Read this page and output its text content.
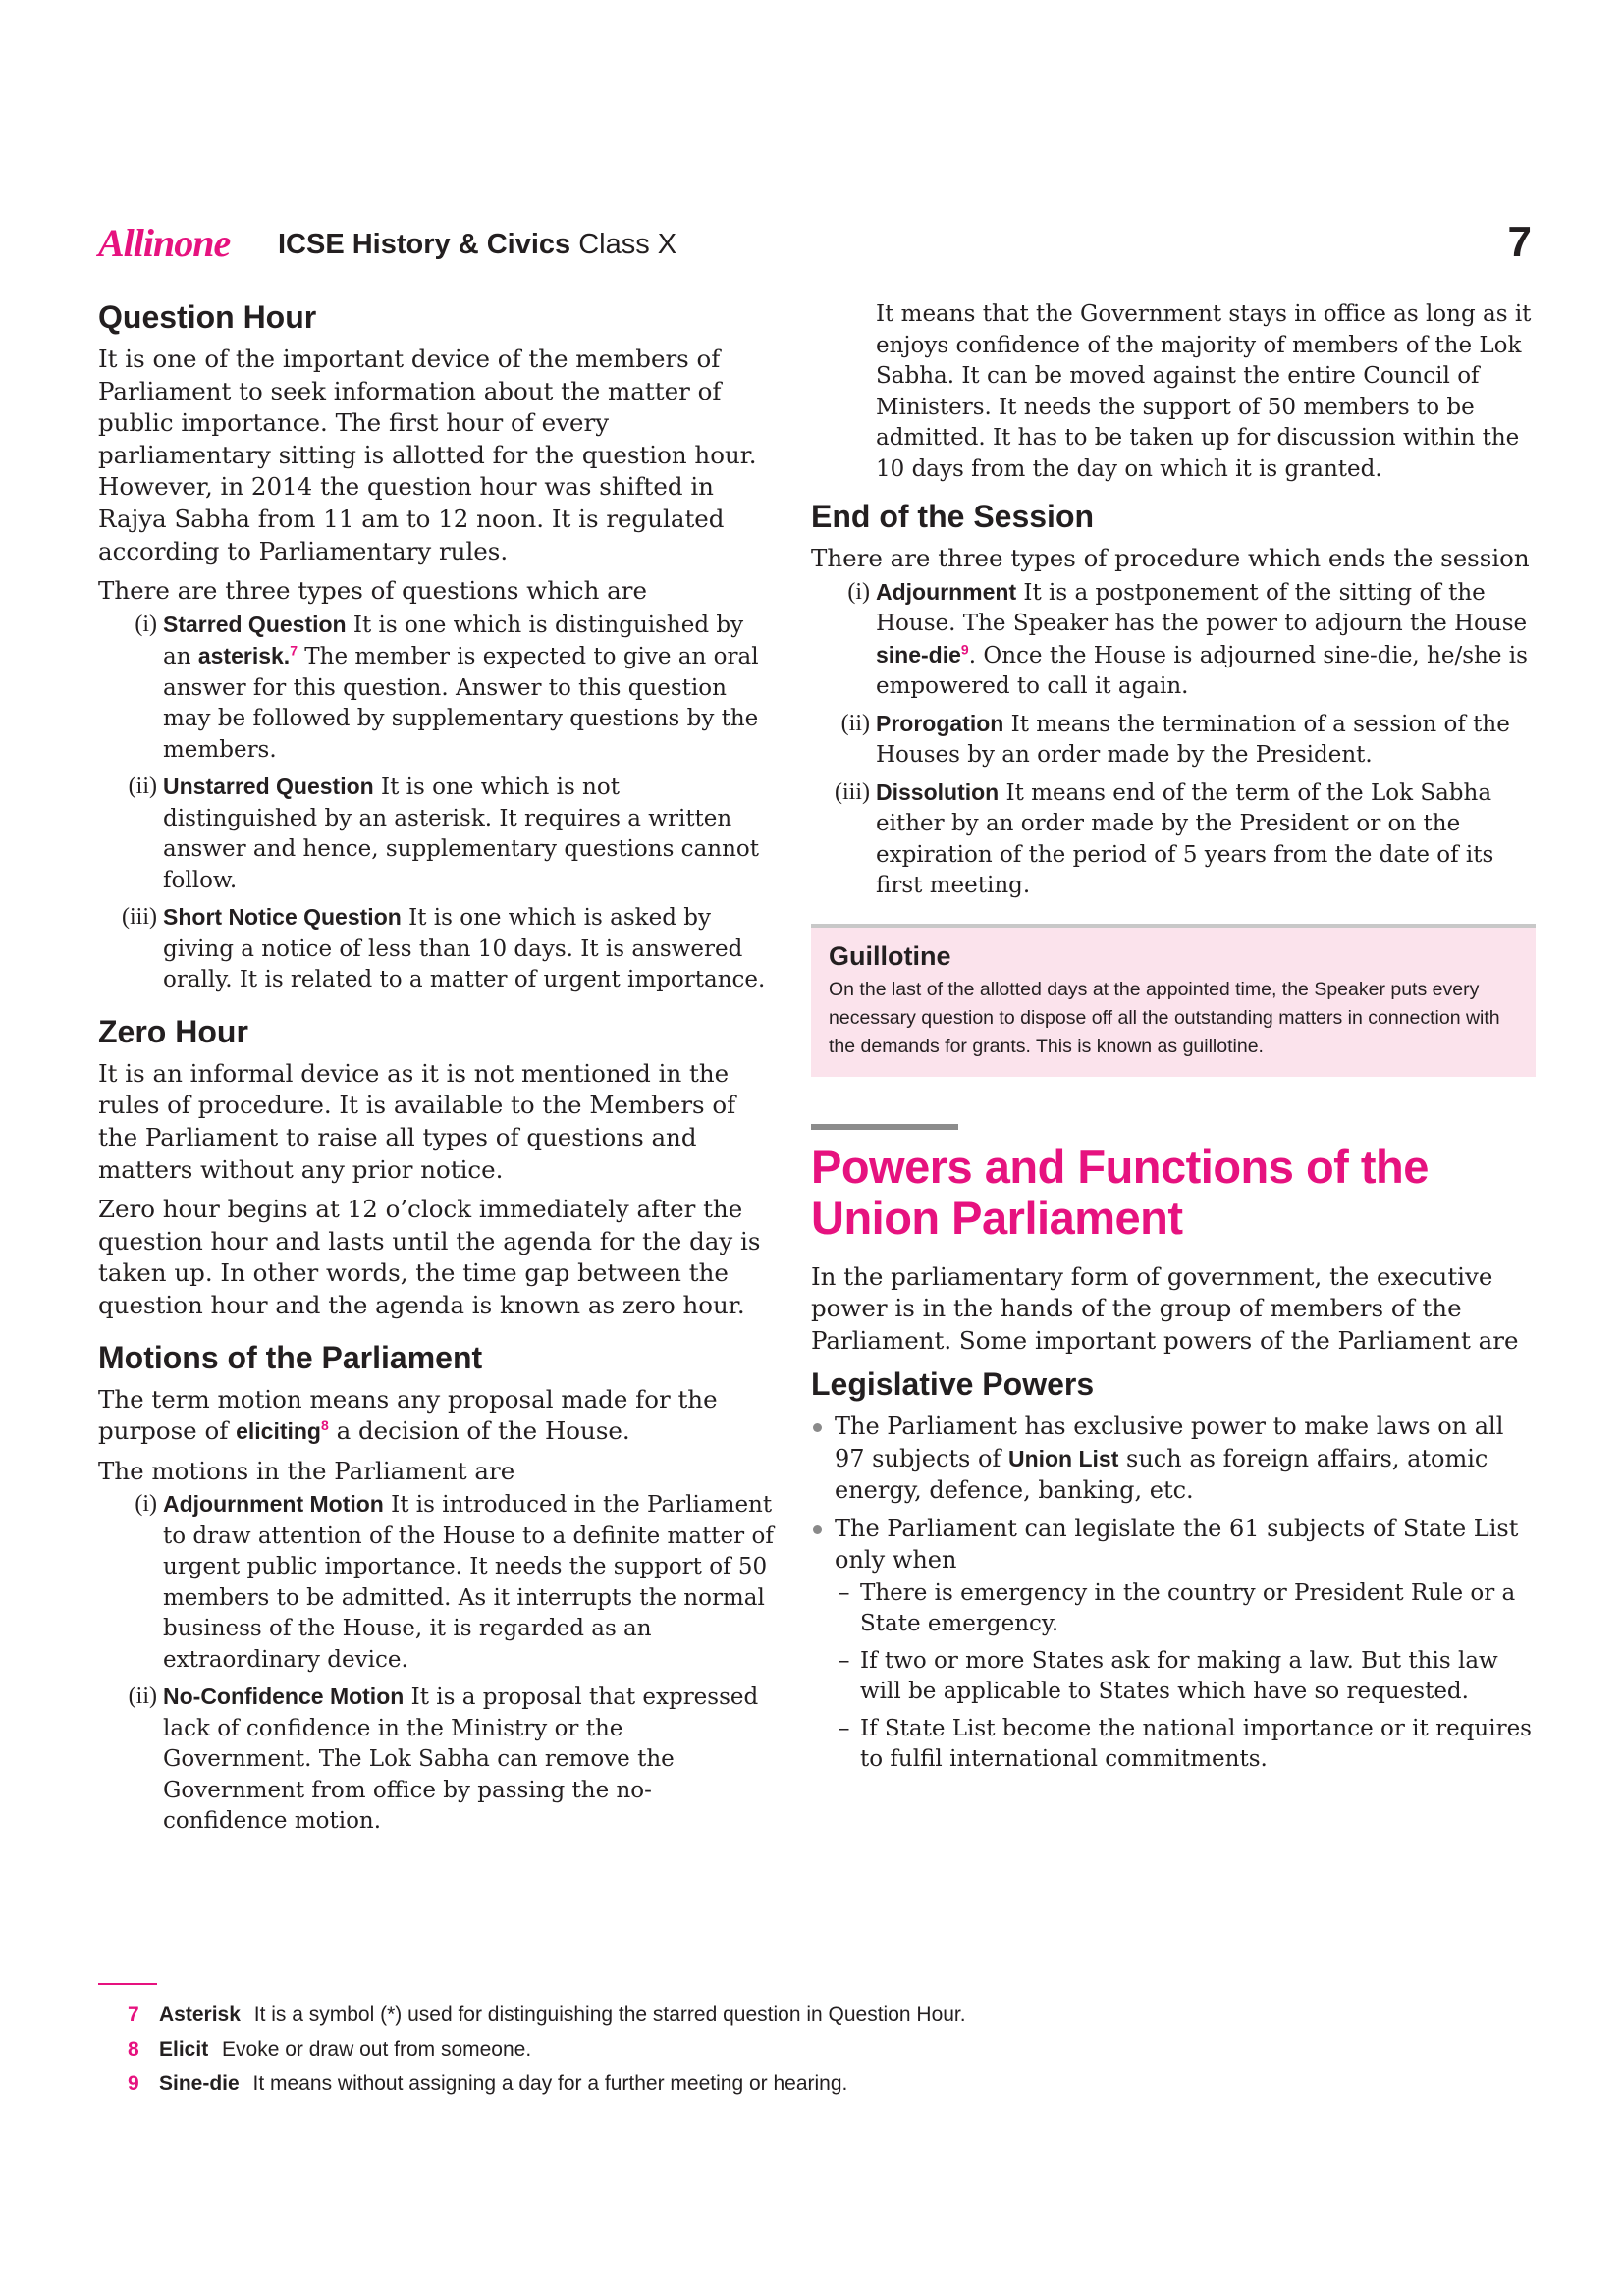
Allinone ICSE History & Civics Class X	7
Question Hour

It is one of the important device of the members of Parliament to seek information about the matter of public importance. The first hour of every parliamentary sitting is allotted for the question hour. However, in 2014 the question hour was shifted in Rajya Sabha from 11 am to 12 noon. It is regulated according to Parliamentary rules.

There are three types of questions which are

(i) Starred Question It is one which is distinguished by an asterisk.$^7$ The member is expected to give an oral answer for this question. Answer to this question may be followed by supplementary questions by the members.
(ii) Unstarred Question It is one which is not distinguished by an asterisk. It requires a written answer and hence, supplementary questions cannot follow.
(iii) Short Notice Question It is one which is asked by giving a notice of less than 10 days. It is answered orally. It is related to a matter of urgent importance.
Zero Hour

It is an informal device as it is not mentioned in the rules of procedure. It is available to the Members of the Parliament to raise all types of questions and matters without any prior notice.

Zero hour begins at 12 o’clock immediately after the question hour and lasts until the agenda for the day is taken up. In other words, the time gap between the question hour and the agenda is known as zero hour.

Motions of the Parliament

The term motion means any proposal made for the purpose of eliciting$^8$ a decision of the House.

The motions in the Parliament are

(i) Adjournment Motion It is introduced in the Parliament to draw attention of the House to a definite matter of urgent public importance. It needs the support of 50 members to be admitted. As it interrupts the normal business of the House, it is regarded as an extraordinary device.
(ii) No-Confidence Motion It is a proposal that expressed lack of confidence in the Ministry or the Government. The Lok Sabha can remove the Government from office by passing the no-confidence motion.

It means that the Government stays in office as long as it enjoys confidence of the majority of members of the Lok Sabha. It can be moved against the entire Council of Ministers. It needs the support of 50 members to be admitted. It has to be taken up for discussion within the 10 days from the day on which it is granted.

End of the Session

There are three types of procedure which ends the session

(i) Adjournment It is a postponement of the sitting of the House. The Speaker has the power to adjourn the House sine-die$^9$. Once the House is adjourned sine-die, he/she is empowered to call it again.
(ii) Prorogation It means the termination of a session of the Houses by an order made by the President.
(iii) Dissolution It means end of the term of the Lok Sabha either by an order made by the President or on the expiration of the period of 5 years from the date of its first meeting.
Guillotine

On the last of the allotted days at the appointed time, the Speaker puts every necessary question to dispose off all the outstanding matters in connection with the demands for grants. This is known as guillotine.

Powers and Functions of the Union Parliament

In the parliamentary form of government, the executive power is in the hands of the group of members of the Parliament. Some important powers of the Parliament are

Legislative Powers
The Parliament has exclusive power to make laws on all 97 subjects of Union List such as foreign affairs, atomic energy, defence, banking, etc.
The Parliament can legislate the 61 subjects of State List only when
– There is emergency in the country or President Rule or a State emergency.
– If two or more States ask for making a law. But this law will be applicable to States which have so requested.
– If State List become the national importance or it requires to fulfil international commitments.
7 Asterisk It is a symbol (*) used for distinguishing the starred question in Question Hour.
8 Elicit Evoke or draw out from someone.
9 Sine-die It means without assigning a day for a further meeting or hearing.
